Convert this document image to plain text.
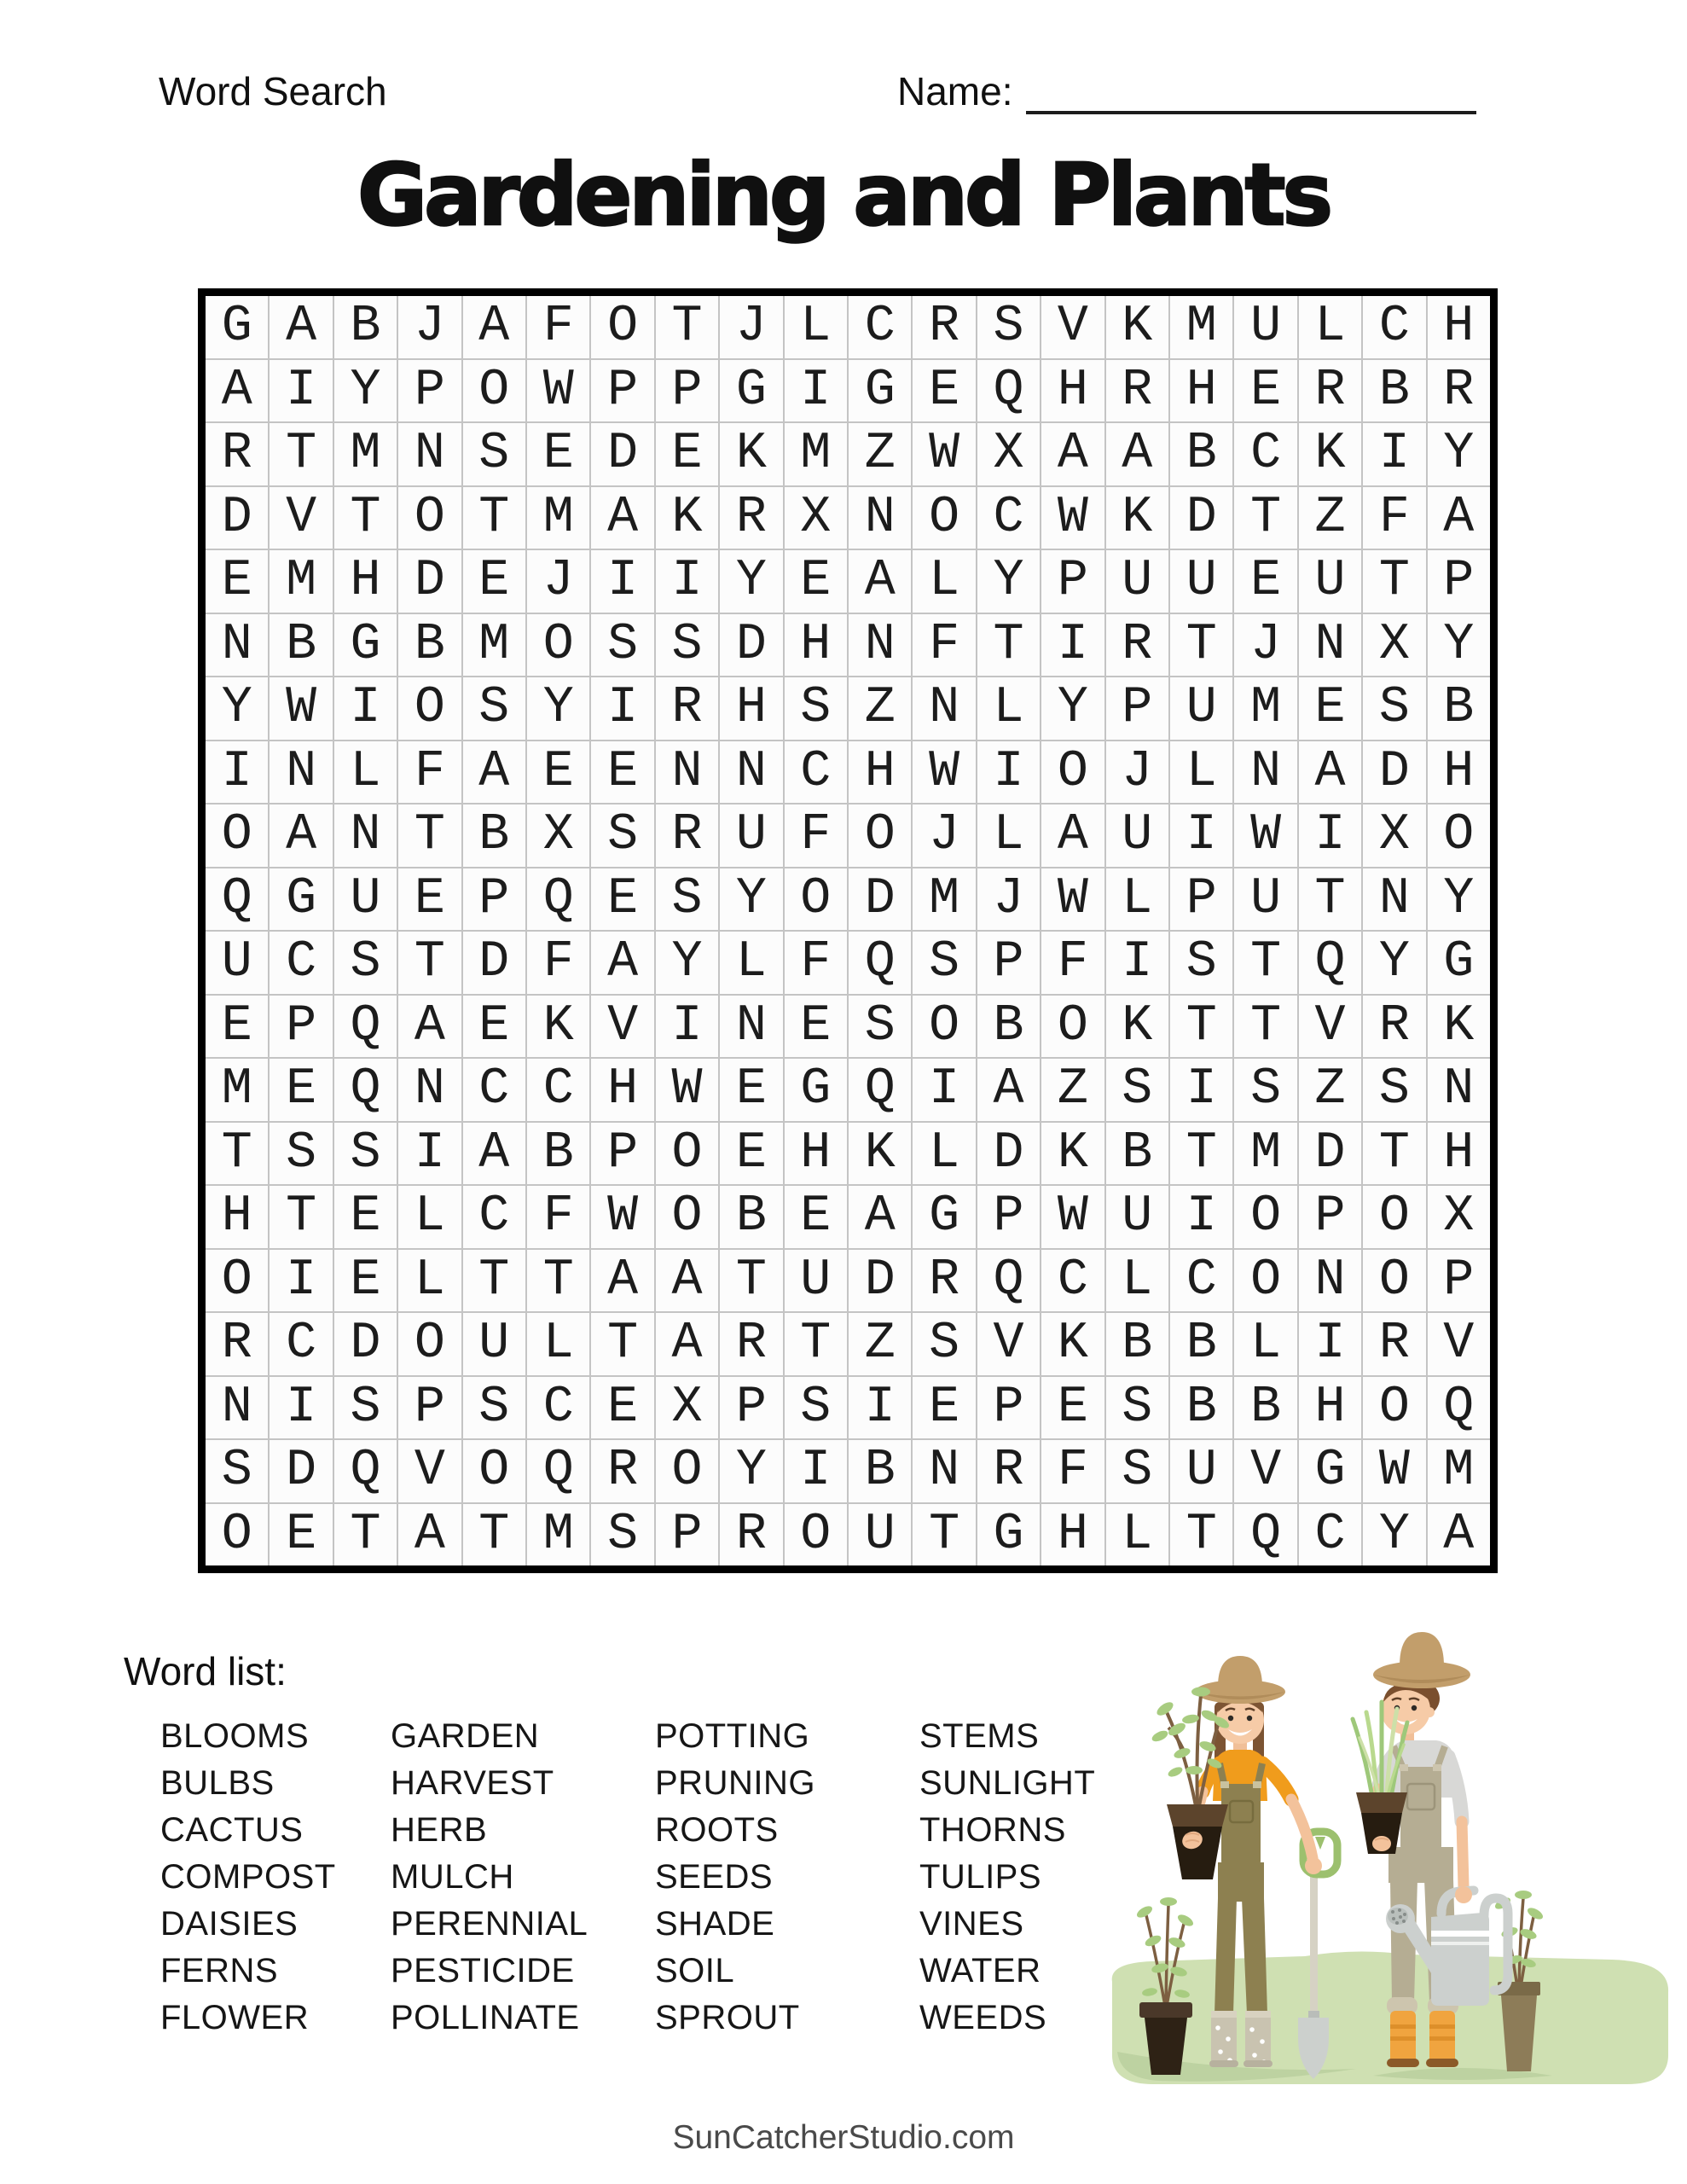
Word Search	Name:
Gardening and Plants
G A B J A F O T J L C R S V K M U L C H
A I Y P O W P P G I G E Q H R H E R B R
R T M N S E D E K M Z W X A A B C K I Y
D V T O T M A K R X N O C W K D T Z F A
E M H D E J I I Y E A L Y P U U E U T P
N B G B M O S S D H N F T I R T J N X Y
Y W I O S Y I R H S Z N L Y P U M E S B
I N L F A E E N N C H W I O J L N A D H
O A N T B X S R U F O J L A U I W I X O
Q G U E P Q E S Y O D M J W L P U T N Y
U C S T D F A Y L F Q S P F I S T Q Y G
E P Q A E K V I N E S O B O K T T V R K
M E Q N C C H W E G Q I A Z S I S Z S N
T S S I A B P O E H K L D K B T M D T H
H T E L C F W O B E A G P W U I O P O X
O I E L T T A A T U D R Q C L C O N O P
R C D O U L T A R T Z S V K B B L I R V
N I S P S C E X P S I E P E S B B H O Q
S D Q V O Q R O Y I B N R F S U V G W M
O E T A T M S P R O U T G H L T Q C Y A

Word list:

BLOOMS
BULBS
CACTUS
COMPOST
DAISIES
FERNS
FLOWER
GARDEN
HARVEST
HERB
MULCH
PERENNIAL
PESTICIDE
POLLINATE
POTTING
PRUNING
ROOTS
SEEDS
SHADE
SOIL
SPROUT
STEMS
SUNLIGHT
THORNS
TULIPS
VINES
WATER
WEEDS
SunCatcherStudio.com
